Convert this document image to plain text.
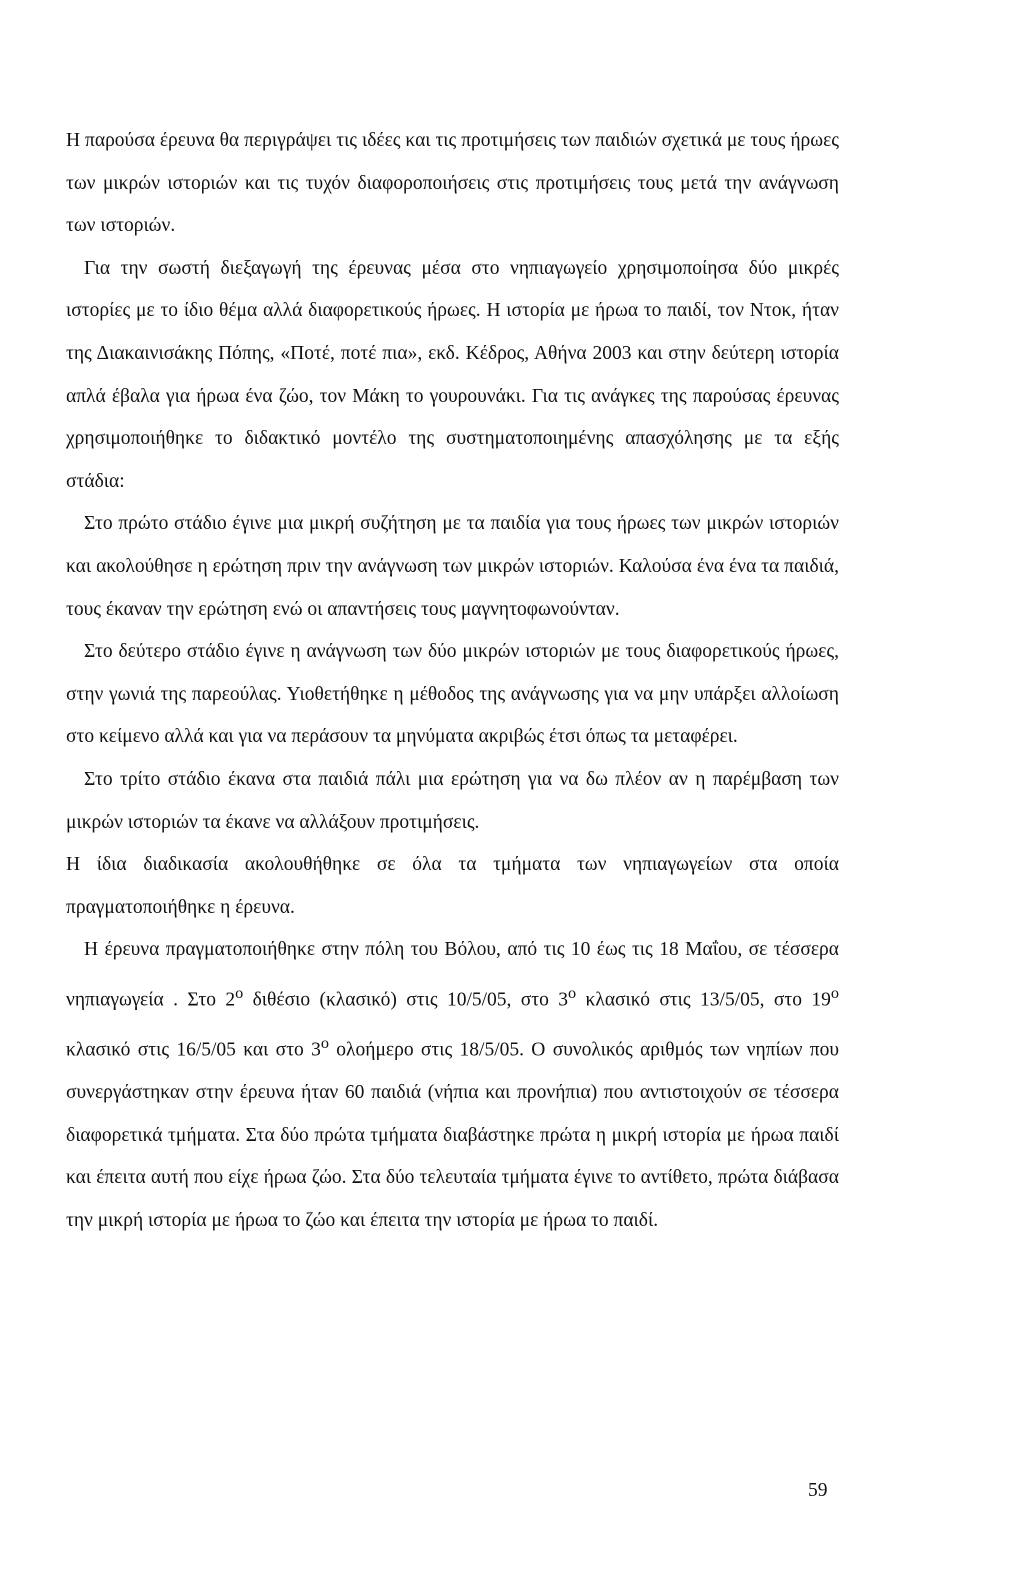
Η παρούσα έρευνα θα περιγράψει τις ιδέες και τις προτιμήσεις των παιδιών σχετικά με τους ήρωες των μικρών ιστοριών και τις τυχόν διαφοροποιήσεις στις προτιμήσεις τους μετά την ανάγνωση των ιστοριών.

Για την σωστή διεξαγωγή της έρευνας μέσα στο νηπιαγωγείο χρησιμοποίησα δύο μικρές ιστορίες με το ίδιο θέμα αλλά διαφορετικούς ήρωες. Η ιστορία με ήρωα το παιδί, τον Ντοκ, ήταν της Διακαινισάκης Πόπης, «Ποτέ, ποτέ πια», εκδ. Κέδρος, Αθήνα 2003 και στην δεύτερη ιστορία απλά έβαλα για ήρωα ένα ζώο, τον Μάκη το γουρουνάκι. Για τις ανάγκες της παρούσας έρευνας χρησιμοποιήθηκε το διδακτικό μοντέλο της συστηματοποιημένης απασχόλησης με τα εξής στάδια:

Στο πρώτο στάδιο έγινε μια μικρή συζήτηση με τα παιδία για τους ήρωες των μικρών ιστοριών και ακολούθησε η ερώτηση πριν την ανάγνωση των μικρών ιστοριών. Καλούσα ένα ένα τα παιδιά, τους έκαναν την ερώτηση ενώ οι απαντήσεις τους μαγνητοφωνούνταν.

Στο δεύτερο στάδιο έγινε η ανάγνωση των δύο μικρών ιστοριών με τους διαφορετικούς ήρωες, στην γωνιά της παρεούλας. Υιοθετήθηκε η μέθοδος της ανάγνωσης για να μην υπάρξει αλλοίωση στο κείμενο αλλά και για να περάσουν τα μηνύματα ακριβώς έτσι όπως τα μεταφέρει.

Στο τρίτο στάδιο έκανα στα παιδιά πάλι μια ερώτηση για να δω πλέον αν η παρέμβαση των μικρών ιστοριών τα έκανε να αλλάξουν προτιμήσεις.

Η ίδια διαδικασία ακολουθήθηκε σε όλα τα τμήματα των νηπιαγωγείων στα οποία πραγματοποιήθηκε η έρευνα.

Η έρευνα πραγματοποιήθηκε στην πόλη του Βόλου, από τις 10 έως τις 18 Μαΐου, σε τέσσερα νηπιαγωγεία . Στο $2^o$ διθέσιο (κλασικό) στις 10/5/05, στο $3^o$ κλασικό στις 13/5/05, στο $19^o$ κλασικό στις 16/5/05 και στο $3^o$ ολοήμερο στις 18/5/05. Ο συνολικός αριθμός των νηπίων που συνεργάστηκαν στην έρευνα ήταν 60 παιδιά (νήπια και προνήπια) που αντιστοιχούν σε τέσσερα διαφορετικά τμήματα. Στα δύο πρώτα τμήματα διαβάστηκε πρώτα η μικρή ιστορία με ήρωα παιδί και έπειτα αυτή που είχε ήρωα ζώο. Στα δύο τελευταία τμήματα έγινε το αντίθετο, πρώτα διάβασα την μικρή ιστορία με ήρωα το ζώο και έπειτα την ιστορία με ήρωα το παιδί.

59
